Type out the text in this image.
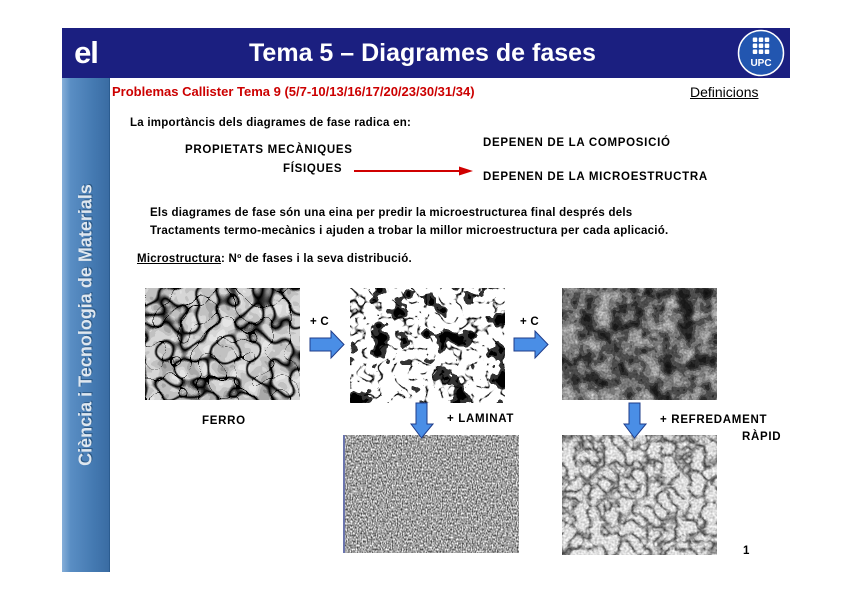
el	Tema 5 – Diagrames de fases	UPC
Ciència i Tecnologia de Materials
Problemas Callister Tema 9 (5/7-10/13/16/17/20/23/30/31/34)	Definicions
La importàncis dels diagrames de fase radica en:
PROPIETATS MECÀNIQUES
FÍSIQUES
DEPENEN DE LA COMPOSICIÓ
DEPENEN DE LA MICROESTRUCTRA
Els diagrames de fase són una eina per predir la microestructurea final després dels
Tractaments termo-mecànics i ajuden a trobar la millor microestructura per cada aplicació.
Microstructura: Nº de fases i la seva distribució.
+ C	+ C
FERRO	+ LAMINAT	+ REFREDAMENT
RÀPID
1
